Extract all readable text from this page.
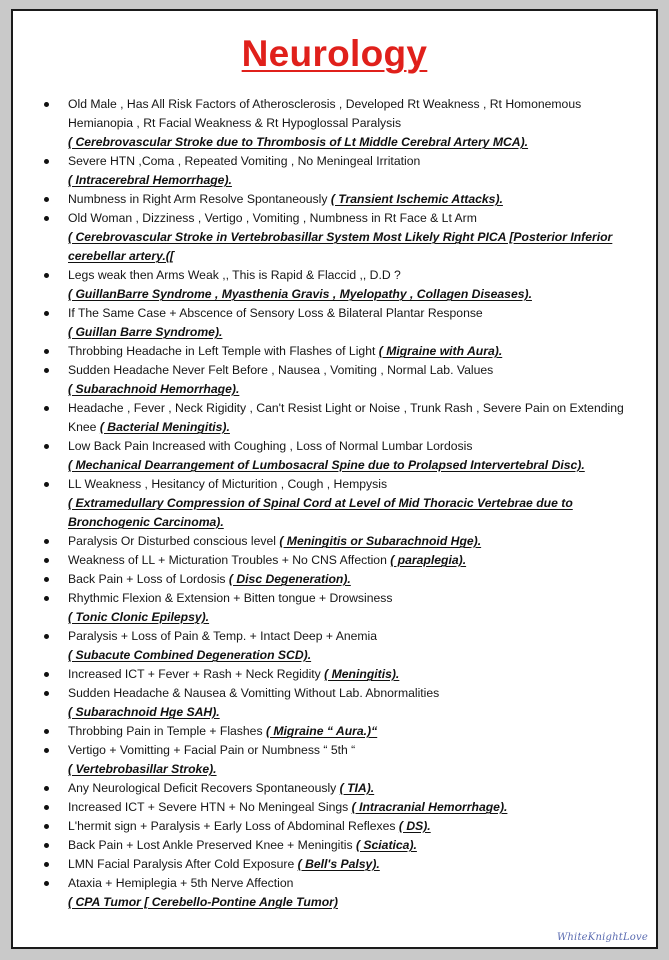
Neurology
Old Male , Has All Risk Factors of Atherosclerosis , Developed Rt Weakness , Rt Homonemous Hemianopia , Rt Facial Weakness & Rt Hypoglossal Paralysis
( Cerebrovascular Stroke due to Thrombosis of Lt Middle Cerebral Artery MCA).
Severe HTN ,Coma , Repeated Vomiting , No Meningeal Irritation
( Intracerebral Hemorrhage).
Numbness in Right Arm Resolve Spontaneously ( Transient Ischemic Attacks).
Old Woman , Dizziness , Vertigo , Vomiting , Numbness in Rt Face & Lt Arm
( Cerebrovascular Stroke in Vertebrobasillar System Most Likely Right PICA [Posterior Inferior cerebellar artery.([
Legs weak then Arms Weak ,, This is Rapid & Flaccid ,, D.D ?
( GuillanBarre Syndrome , Myasthenia Gravis , Myelopathy , Collagen Diseases).
If The Same Case + Abscence of Sensory Loss & Bilateral Plantar Response
( Guillan Barre Syndrome).
Throbbing Headache in Left Temple with Flashes of Light ( Migraine with Aura).
Sudden Headache Never Felt Before , Nausea , Vomiting , Normal Lab. Values
( Subarachnoid Hemorrhage).
Headache , Fever , Neck Rigidity , Can't Resist Light or Noise , Trunk Rash , Severe Pain on Extending Knee ( Bacterial Meningitis).
Low Back Pain Increased with Coughing , Loss of Normal Lumbar Lordosis
( Mechanical Dearrangement of Lumbosacral Spine due to Prolapsed Intervertebral Disc).
LL Weakness , Hesitancy of Micturition , Cough , Hempysis
( Extramedullary Compression of Spinal Cord at Level of Mid Thoracic Vertebrae due to Bronchogenic Carcinoma).
Paralysis Or Disturbed conscious level ( Meningitis or Subarachnoid Hge).
Weakness of LL + Micturation Troubles + No CNS Affection ( paraplegia).
Back Pain + Loss of Lordosis ( Disc Degeneration).
Rhythmic Flexion & Extension + Bitten tongue + Drowsiness
( Tonic Clonic Epilepsy).
Paralysis + Loss of Pain & Temp. + Intact Deep + Anemia
( Subacute Combined Degeneration SCD).
Increased ICT + Fever + Rash + Neck Regidity ( Meningitis).
Sudden Headache & Nausea & Vomitting Without Lab. Abnormalities
( Subarachnoid Hge SAH).
Throbbing Pain in Temple + Flashes ( Migraine “ Aura.)“
Vertigo + Vomitting + Facial Pain or Numbness “ 5th “
( Vertebrobasillar Stroke).
Any Neurological Deficit Recovers Spontaneously ( TIA).
Increased ICT + Severe HTN + No Meningeal Sings ( Intracranial Hemorrhage).
L'hermit sign + Paralysis + Early Loss of Abdominal Reflexes ( DS).
Back Pain + Lost Ankle Preserved Knee + Meningitis ( Sciatica).
LMN Facial Paralysis After Cold Exposure ( Bell's Palsy).
Ataxia + Hemiplegia + 5th Nerve Affection
( CPA Tumor [ Cerebello-Pontine Angle Tumor)
WhiteKnightLove
